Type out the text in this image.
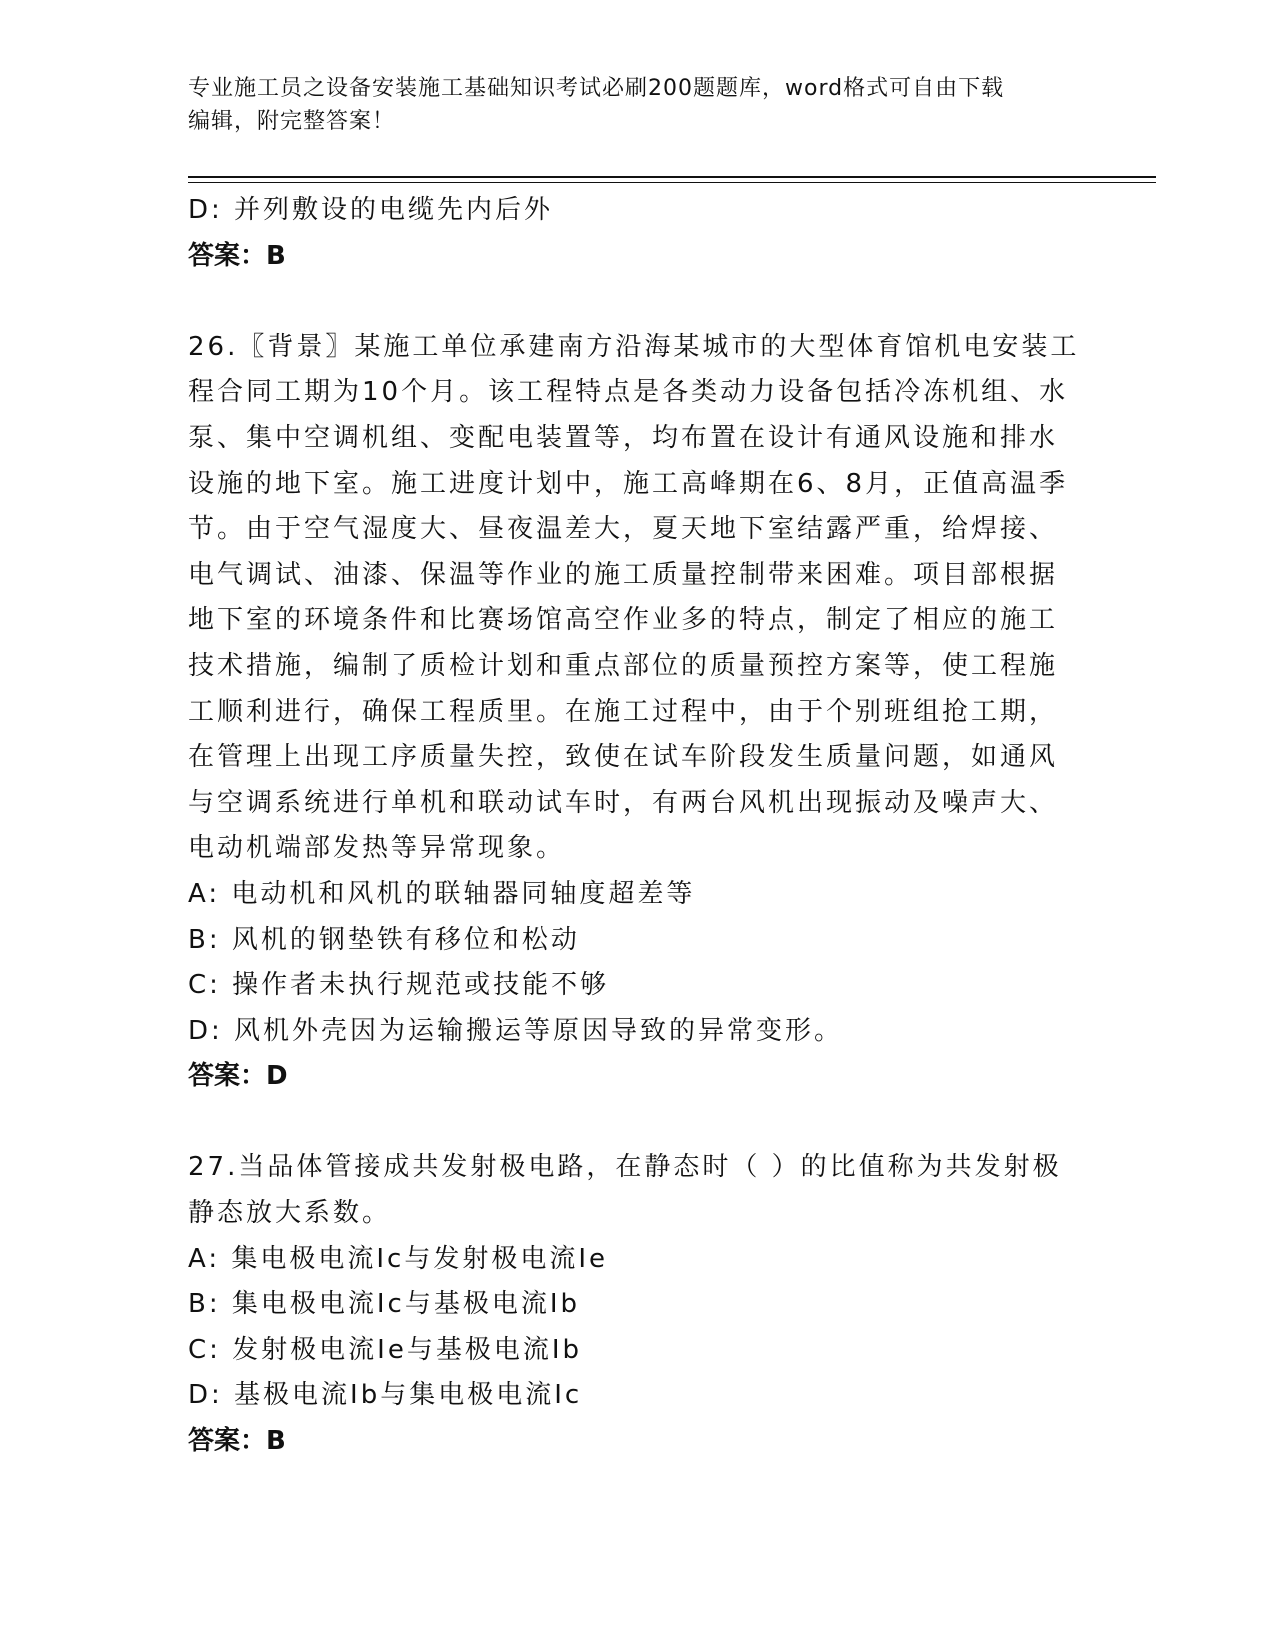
专业施工员之设备安装施工基础知识考试必刷200题题库，word格式可自由下载
编辑，附完整答案！
D: 并列敷设的电缆先内后外
答案：B
26.〖背景〗某施工单位承建南方沿海某城市的大型体育馆机电安装工
程合同工期为10个月。该工程特点是各类动力设备包括冷冻机组、水
泵、集中空调机组、变配电装置等，均布置在设计有通风设施和排水
设施的地下室。施工进度计划中，施工高峰期在6、8月，正值高温季
节。由于空气湿度大、昼夜温差大，夏天地下室结露严重，给焊接、
电气调试、油漆、保温等作业的施工质量控制带来困难。项目部根据
地下室的环境条件和比赛场馆高空作业多的特点，制定了相应的施工
技术措施，编制了质检计划和重点部位的质量预控方案等，使工程施
工顺利进行，确保工程质里。在施工过程中，由于个别班组抢工期，
在管理上出现工序质量失控，致使在试车阶段发生质量问题，如通风
与空调系统进行单机和联动试车时，有两台风机出现振动及噪声大、
电动机端部发热等异常现象。
A: 电动机和风机的联轴器同轴度超差等
B: 风机的钢垫铁有移位和松动
C: 操作者未执行规范或技能不够
D: 风机外壳因为运输搬运等原因导致的异常变形。
答案：D
27.当品体管接成共发射极电路，在静态时（ ）的比值称为共发射极
静态放大系数。
A: 集电极电流Ic与发射极电流Ie
B: 集电极电流Ic与基极电流Ib
C: 发射极电流Ie与基极电流Ib
D: 基极电流Ib与集电极电流Ic
答案：B
